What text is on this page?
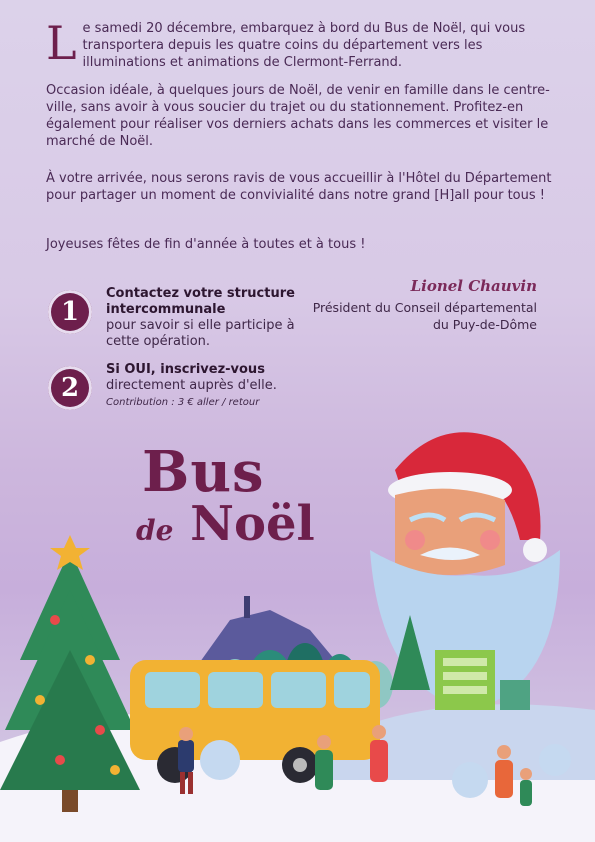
L e samedi 20 décembre, embarquez à bord du Bus de Noël, qui vous transportera depuis les quatre coins du département vers les illuminations et animations de Clermont-Ferrand.
Occasion idéale, à quelques jours de Noël, de venir en famille dans le centre-ville, sans avoir à vous soucier du trajet ou du stationnement. Profitez-en également pour réaliser vos derniers achats dans les commerces et visiter le marché de Noël.
À votre arrivée, nous serons ravis de vous accueillir à l'Hôtel du Département pour partager un moment de convivialité dans notre grand [H]all pour tous !
Joyeuses fêtes de fin d'année à toutes et à tous !
1
Contactez votre structure intercommunale
pour savoir si elle participe à cette opération.
2
Si OUI, inscrivez-vous
directement auprès d'elle.
Contribution : 3 € aller / retour
Lionel Chauvin
Président du Conseil départemental
du Puy-de-Dôme
Bus
de Noël
